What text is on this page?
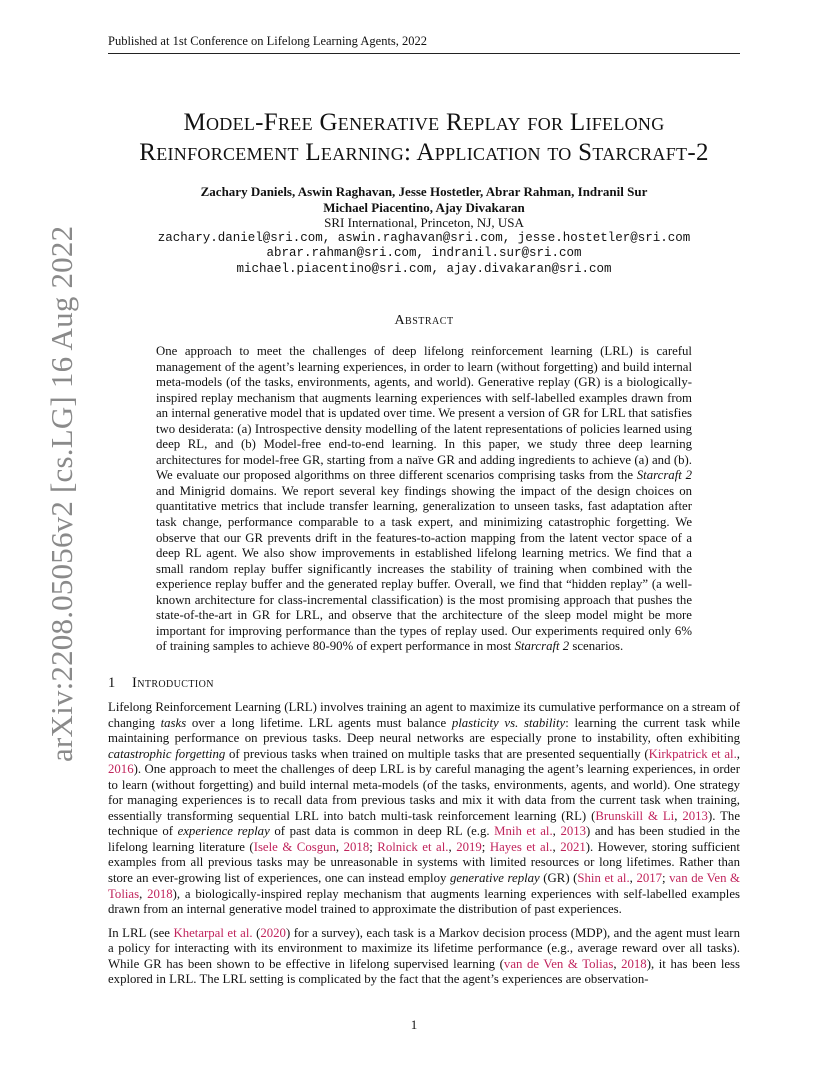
Published at 1st Conference on Lifelong Learning Agents, 2022
arXiv:2208.05056v2 [cs.LG] 16 Aug 2022
Model-Free Generative Replay for Lifelong
Reinforcement Learning: Application to Starcraft-2
Zachary Daniels, Aswin Raghavan, Jesse Hostetler, Abrar Rahman, Indranil Sur
Michael Piacentino, Ajay Divakaran
SRI International, Princeton, NJ, USA
zachary.daniel@sri.com, aswin.raghavan@sri.com, jesse.hostetler@sri.com
abrar.rahman@sri.com, indranil.sur@sri.com
michael.piacentino@sri.com, ajay.divakaran@sri.com
Abstract
One approach to meet the challenges of deep lifelong reinforcement learning (LRL) is careful management of the agent’s learning experiences, in order to learn (without forgetting) and build internal meta-models (of the tasks, environments, agents, and world). Generative replay (GR) is a biologically-inspired replay mechanism that augments learning experiences with self-labelled examples drawn from an internal generative model that is updated over time. We present a version of GR for LRL that satisfies two desiderata: (a) Introspective density modelling of the latent representations of policies learned using deep RL, and (b) Model-free end-to-end learning. In this paper, we study three deep learning architectures for model-free GR, starting from a naïve GR and adding ingredients to achieve (a) and (b). We evaluate our proposed algorithms on three different scenarios comprising tasks from the Starcraft 2 and Minigrid domains. We report several key findings showing the impact of the design choices on quantitative metrics that include transfer learning, generalization to unseen tasks, fast adaptation after task change, performance comparable to a task expert, and minimizing catastrophic forgetting. We observe that our GR prevents drift in the features-to-action mapping from the latent vector space of a deep RL agent. We also show improvements in established lifelong learning metrics. We find that a small random replay buffer significantly increases the stability of training when combined with the experience replay buffer and the generated replay buffer. Overall, we find that “hidden replay” (a well-known architecture for class-incremental classification) is the most promising approach that pushes the state-of-the-art in GR for LRL, and observe that the architecture of the sleep model might be more important for improving performance than the types of replay used. Our experiments required only 6% of training samples to achieve 80-90% of expert performance in most Starcraft 2 scenarios.
1 Introduction

Lifelong Reinforcement Learning (LRL) involves training an agent to maximize its cumulative performance on a stream of changing tasks over a long lifetime. LRL agents must balance plasticity vs. stability: learning the current task while maintaining performance on previous tasks. Deep neural networks are especially prone to instability, often exhibiting catastrophic forgetting of previous tasks when trained on multiple tasks that are presented sequentially (Kirkpatrick et al., 2016). One approach to meet the challenges of deep LRL is by careful managing the agent’s learning experiences, in order to learn (without forgetting) and build internal meta-models (of the tasks, environments, agents, and world). One strategy for managing experiences is to recall data from previous tasks and mix it with data from the current task when training, essentially transforming sequential LRL into batch multi-task reinforcement learning (RL) (Brunskill & Li, 2013). The technique of experience replay of past data is common in deep RL (e.g. Mnih et al., 2013) and has been studied in the lifelong learning literature (Isele & Cosgun, 2018; Rolnick et al., 2019; Hayes et al., 2021). However, storing sufficient examples from all previous tasks may be unreasonable in systems with limited resources or long lifetimes. Rather than store an ever-growing list of experiences, one can instead employ generative replay (GR) (Shin et al., 2017; van de Ven & Tolias, 2018), a biologically-inspired replay mechanism that augments learning experiences with self-labelled examples drawn from an internal generative model trained to approximate the distribution of past experiences.

In LRL (see Khetarpal et al. (2020) for a survey), each task is a Markov decision process (MDP), and the agent must learn a policy for interacting with its environment to maximize its lifetime performance (e.g., average reward over all tasks). While GR has been shown to be effective in lifelong supervised learning (van de Ven & Tolias, 2018), it has been less explored in LRL. The LRL setting is complicated by the fact that the agent’s experiences are observation-

1
